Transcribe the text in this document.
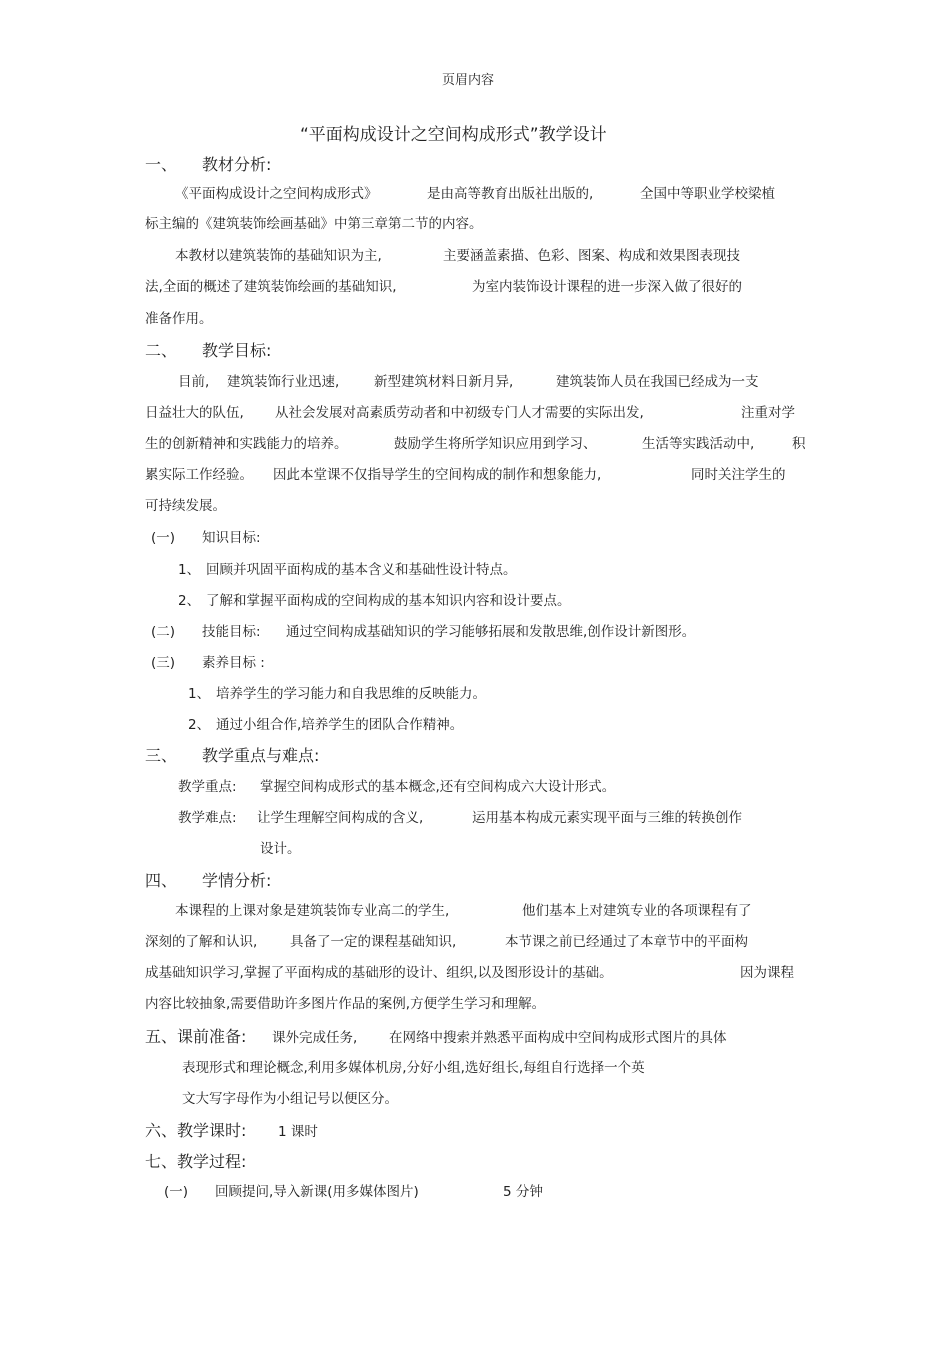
页眉内容
“平面构成设计之空间构成形式”教学设计
一、 教材分析:
《平面构成设计之空间构成形式》	是由高等教育出版社出版的,	全国中等职业学校梁植
标主编的《建筑装饰绘画基础》中第三章第二节的内容。
本教材以建筑装饰的基础知识为主,	主要涵盖素描、色彩、图案、构成和效果图表现技
法,全面的概述了建筑装饰绘画的基础知识,	为室内装饰设计课程的进一步深入做了很好的
准备作用。
二、 教学目标:
目前, 建筑装饰行业迅速,	新型建筑材料日新月异,	建筑装饰人员在我国已经成为一支
日益壮大的队伍, 从社会发展对高素质劳动者和中初级专门人才需要的实际出发,	注重对学
生的创新精神和实践能力的培养。	鼓励学生将所学知识应用到学习、	生活等实践活动中,	积
累实际工作经验。 因此本堂课不仅指导学生的空间构成的制作和想象能力,	同时关注学生的
可持续发展。
(一) 知识目标:
1、 回顾并巩固平面构成的基本含义和基础性设计特点。
2、 了解和掌握平面构成的空间构成的基本知识内容和设计要点。
(二) 技能目标: 通过空间构成基础知识的学习能够拓展和发散思维,创作设计新图形。
(三) 素养目标 :
1、 培养学生的学习能力和自我思维的反映能力。
2、 通过小组合作,培养学生的团队合作精神。
三、 教学重点与难点:
教学重点: 掌握空间构成形式的基本概念,还有空间构成六大设计形式。
教学难点: 让学生理解空间构成的含义,	运用基本构成元素实现平面与三维的转换创作
设计。
四、 学情分析:
本课程的上课对象是建筑装饰专业高二的学生,	他们基本上对建筑专业的各项课程有了
深刻的了解和认识, 具备了一定的课程基础知识,	本节课之前已经通过了本章节中的平面构
成基础知识学习,掌握了平面构成的基础形的设计、组织,以及图形设计的基础。	因为课程
内容比较抽象,需要借助许多图片作品的案例,方便学生学习和理解。
五、课前准备: 课外完成任务, 在网络中搜索并熟悉平面构成中空间构成形式图片的具体
表现形式和理论概念,利用多媒体机房,分好小组,选好组长,每组自行选择一个英
文大写字母作为小组记号以便区分。
六、教学课时: 1 课时
七、教学过程:
(一) 回顾提问,导入新课(用多媒体图片)	5 分钟
